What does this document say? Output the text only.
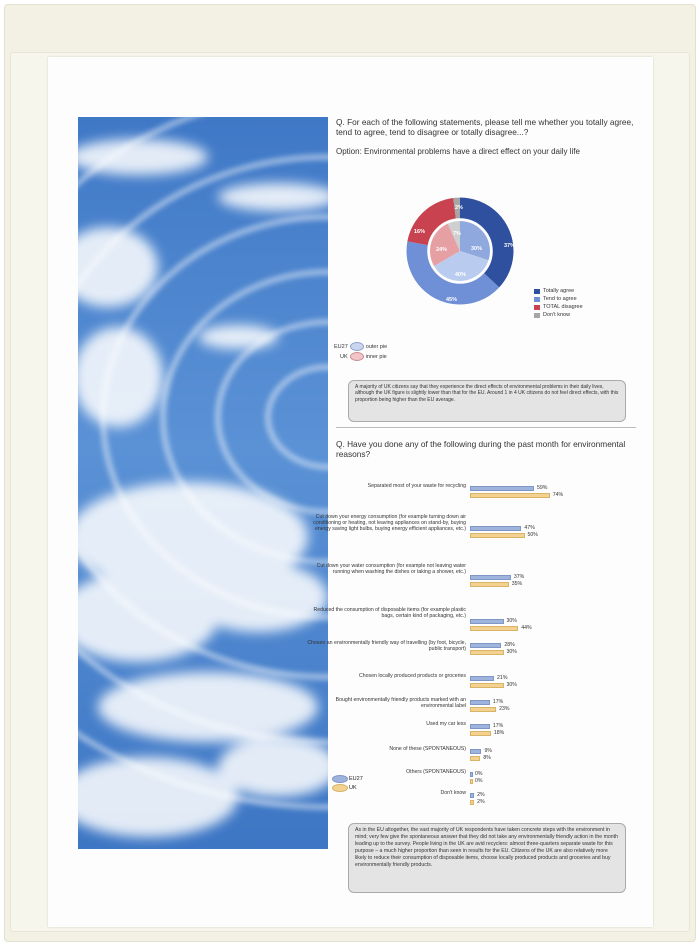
Q. For each of the following statements, please tell me whether you totally agree, tend to agree, tend to disagree or totally disagree...?

Option: Environmental problems have a direct effect on your daily life

37%
45%
16%
2%
30%
40%
24%
7%
Totally agree
Tend to agree
TOTAL disagree
Don't know
EU27	outer pie
UK	inner pie
A majority of UK citizens say that they experience the direct effects of environmental problems in their daily lives, although the UK figure is slightly lower than that for the EU. Around 1 in 4 UK citizens do not feel direct effects, with this proportion being higher than the EU average.
Q. Have you done any of the following during the past month for environmental reasons?
Separated most of your waste for recycling	59%
74%
Cut down your energy consumption (for example turning down air conditioning or heating, not leaving appliances on stand-by, buying energy saving light bulbs, buying energy efficient appliances, etc.)	47%
50%
Cut down your water consumption (for example not leaving water running when washing the dishes or taking a shower, etc.)
37%
35%
Reduced the consumption of disposable items (for example plastic bags, certain kind of packaging, etc.)
30%
44%
Chosen an environmentally friendly way of travelling (by foot, bicycle, public transport)
28%
30%
Chosen locally produced products or groceries	21%
30%
Bought environmentally friendly products marked with an environmental label
17%
23%
Used my car less	17%
18%
None of these (SPONTANEOUS)	9%
8%
Others (SPONTANEOUS) 0%
0%
Don't know 2%
2%
EU27
UK
As in the EU altogether, the vast majority of UK respondents have taken concrete steps with the environment in mind; very few give the spontaneous answer that they did not take any environmentally friendly action in the month leading up to the survey. People living in the UK are avid recyclers: almost three-quarters separate waste for this purpose – a much higher proportion than seen in results for the EU. Citizens of the UK are also relatively more likely to reduce their consumption of disposable items, choose locally produced products and groceries and buy environmentally friendly products.
